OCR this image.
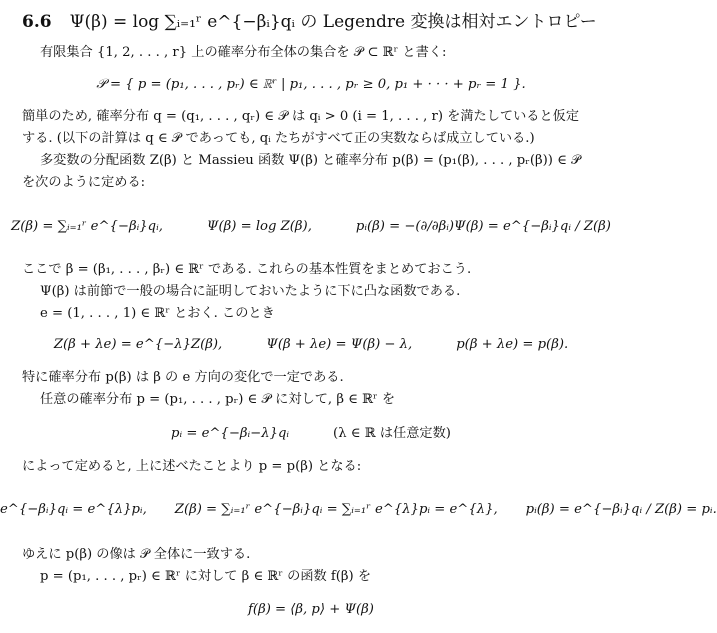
6.6 Ψ(β) = log ∑ᵢ₌₁ʳ e^{−βᵢ}qᵢ の Legendre 変換は相対エントロピー
有限集合 {1, 2, . . . , r} 上の確率分布全体の集合を 𝒫 ⊂ ℝʳ と書く:
𝒫 = { p = (p₁, . . . , pᵣ) ∈ ℝʳ | p₁, . . . , pᵣ ≥ 0, p₁ + · · · + pᵣ = 1 }.
簡単のため, 確率分布 q = (q₁, . . . , qᵣ) ∈ 𝒫 は qᵢ > 0 (i = 1, . . . , r) を満たしていると仮定
する. (以下の計算は q ∈ 𝒫 であっても, qᵢ たちがすべて正の実数ならば成立している.)
多変数の分配函数 Z(β) と Massieu 函数 Ψ(β) と確率分布 p(β) = (p₁(β), . . . , pᵣ(β)) ∈ 𝒫
を次のように定める:
Z(β) = ∑ᵢ₌₁ʳ e^{−βᵢ}qᵢ,	Ψ(β) = log Z(β),	pᵢ(β) = −(∂/∂βᵢ)Ψ(β) = e^{−βᵢ}qᵢ / Z(β)
ここで β = (β₁, . . . , βᵣ) ∈ ℝʳ である. これらの基本性質をまとめておこう.
Ψ(β) は前節で一般の場合に証明しておいたように下に凸な函数である.
e = (1, . . . , 1) ∈ ℝʳ とおく. このとき
Z(β + λe) = e^{−λ}Z(β),	Ψ(β + λe) = Ψ(β) − λ,	p(β + λe) = p(β).
特に確率分布 p(β) は β の e 方向の変化で一定である.
任意の確率分布 p = (p₁, . . . , pᵣ) ∈ 𝒫 に対して, β ∈ ℝʳ を
pᵢ = e^{−βᵢ−λ}qᵢ	(λ ∈ ℝ は任意定数)
によって定めると, 上に述べたことより p = p(β) となる:
e^{−βᵢ}qᵢ = e^{λ}pᵢ, Z(β) = ∑ᵢ₌₁ʳ e^{−βᵢ}qᵢ = ∑ᵢ₌₁ʳ e^{λ}pᵢ = e^{λ}, pᵢ(β) = e^{−βᵢ}qᵢ / Z(β) = pᵢ.
ゆえに p(β) の像は 𝒫 全体に一致する.
p = (p₁, . . . , pᵣ) ∈ ℝʳ に対して β ∈ ℝʳ の函数 f(β) を
f(β) = ⟨β, p⟩ + Ψ(β)
